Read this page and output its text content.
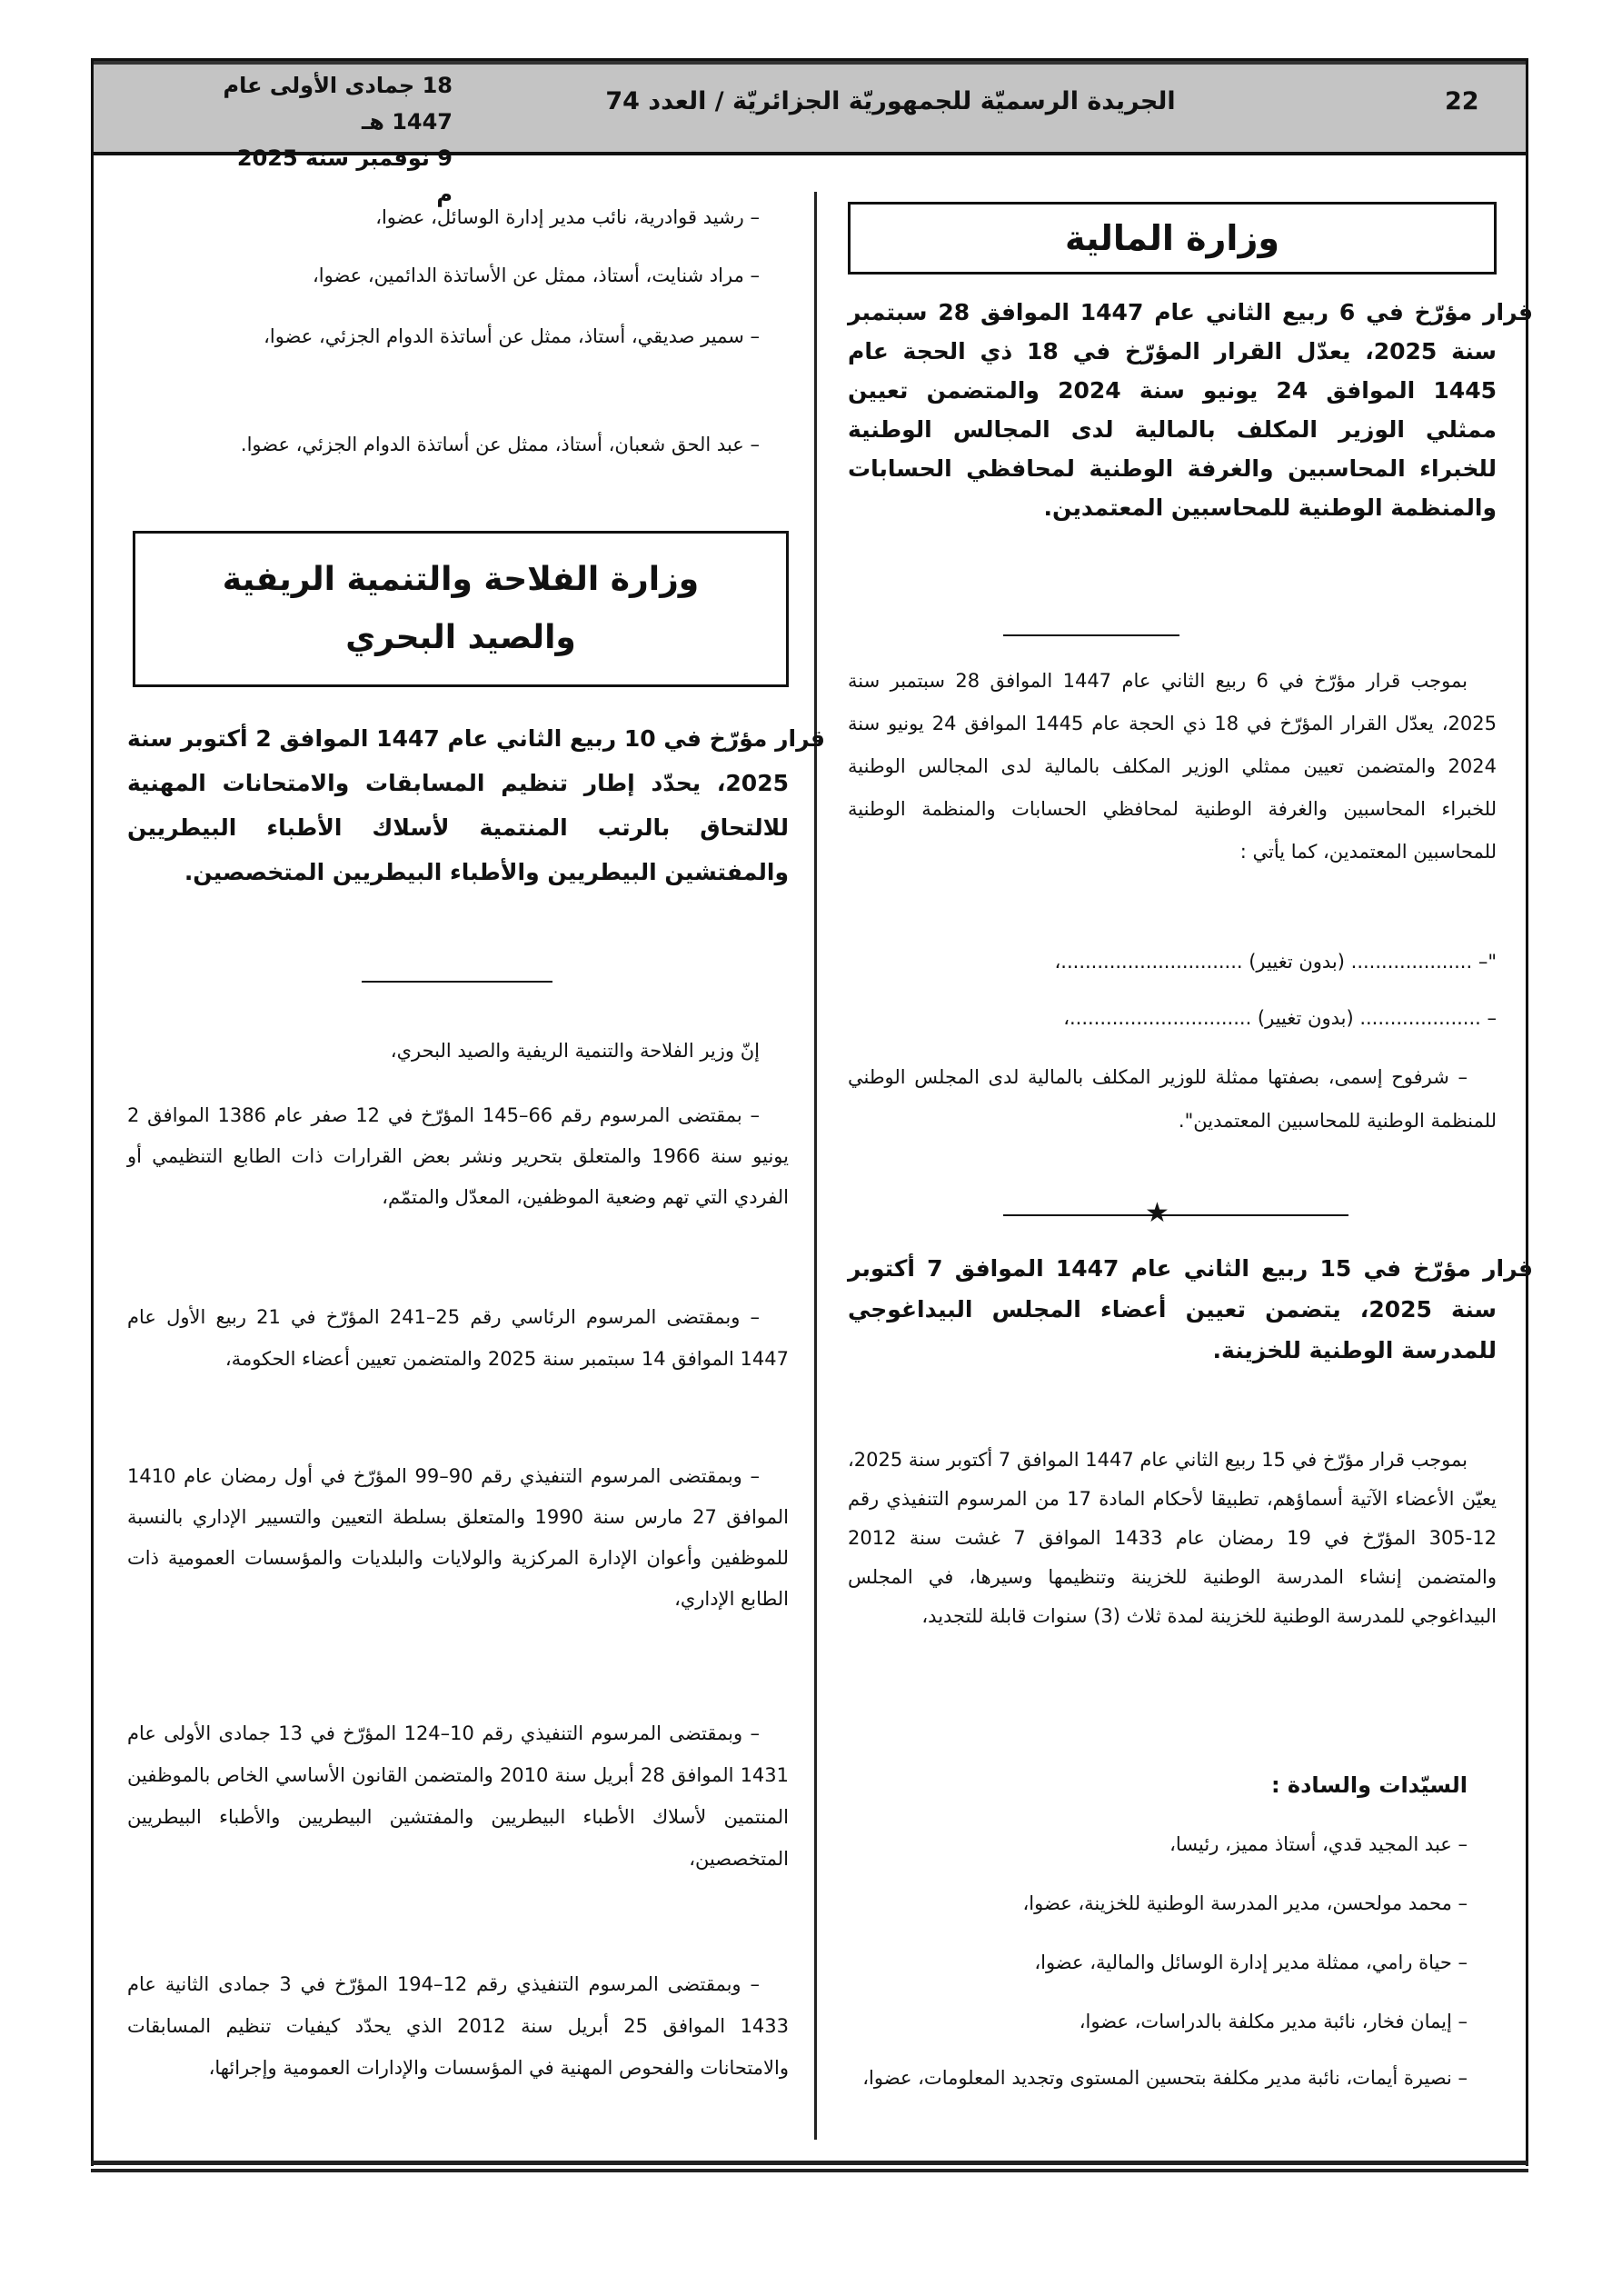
22
الجريدة الرسميّة للجمهوريّة الجزائريّة / العدد 74
18 جمادى الأولى عام 1447 هـ
9 نوفمبر سنة 2025 م
وزارة المالية
قرار مؤرّخ في 6 ربيع الثاني عام 1447 الموافق 28 سبتمبر سنة 2025، يعدّل القرار المؤرّخ في 18 ذي الحجة عام 1445 الموافق 24 يونيو سنة 2024 والمتضمن تعيين ممثلي الوزير المكلف بالمالية لدى المجالس الوطنية للخبراء المحاسبين والغرفة الوطنية لمحافظي الحسابات والمنظمة الوطنية للمحاسبين المعتمدين.
بموجب قرار مؤرّخ في 6 ربيع الثاني عام 1447 الموافق 28 سبتمبر سنة 2025، يعدّل القرار المؤرّخ في 18 ذي الحجة عام 1445 الموافق 24 يونيو سنة 2024 والمتضمن تعيين ممثلي الوزير المكلف بالمالية لدى المجالس الوطنية للخبراء المحاسبين والغرفة الوطنية لمحافظي الحسابات والمنظمة الوطنية للمحاسبين المعتمدين، كما يأتي :
"– .................... (بدون تغيير) ..............................،
– .................... (بدون تغيير) ..............................،
– شرفوح إسمى، بصفتها ممثلة للوزير المكلف بالمالية لدى المجلس الوطني للمنظمة الوطنية للمحاسبين المعتمدين".
★
قرار مؤرّخ في 15 ربيع الثاني عام 1447 الموافق 7 أكتوبر سنة 2025، يتضمن تعيين أعضاء المجلس البيداغوجي للمدرسة الوطنية للخزينة.
بموجب قرار مؤرّخ في 15 ربيع الثاني عام 1447 الموافق 7 أكتوبر سنة 2025، يعيّن الأعضاء الآتية أسماؤهم، تطبيقا لأحكام المادة 17 من المرسوم التنفيذي رقم 12-305 المؤرّخ في 19 رمضان عام 1433 الموافق 7 غشت سنة 2012 والمتضمن إنشاء المدرسة الوطنية للخزينة وتنظيمها وسيرها، في المجلس البيداغوجي للمدرسة الوطنية للخزينة لمدة ثلاث (3) سنوات قابلة للتجديد،
السيّدات والسادة :
– عبد المجيد قدي، أستاذ مميز، رئيسا،
– محمد مولحسن، مدير المدرسة الوطنية للخزينة، عضوا،
– حياة رامي، ممثلة مدير إدارة الوسائل والمالية، عضوا،
– إيمان فخار، نائبة مدير مكلفة بالدراسات، عضوا،
– نصيرة أيمات، نائبة مدير مكلفة بتحسين المستوى وتجديد المعلومات، عضوا،
– رشيد قوادرية، نائب مدير إدارة الوسائل، عضوا،
– مراد شنايت، أستاذ، ممثل عن الأساتذة الدائمين، عضوا،
– سمير صديقي، أستاذ، ممثل عن أساتذة الدوام الجزئي، عضوا،
– عبد الحق شعبان، أستاذ، ممثل عن أساتذة الدوام الجزئي، عضوا.
وزارة الفلاحة والتنمية الريفية
والصيد البحري
قرار مؤرّخ في 10 ربيع الثاني عام 1447 الموافق 2 أكتوبر سنة 2025، يحدّد إطار تنظيم المسابقات والامتحانات المهنية للالتحاق بالرتب المنتمية لأسلاك الأطباء البيطريين والمفتشين البيطريين والأطباء البيطريين المتخصصين.
إنّ وزير الفلاحة والتنمية الريفية والصيد البحري،
– بمقتضى المرسوم رقم 66–145 المؤرّخ في 12 صفر عام 1386 الموافق 2 يونيو سنة 1966 والمتعلق بتحرير ونشر بعض القرارات ذات الطابع التنظيمي أو الفردي التي تهم وضعية الموظفين، المعدّل والمتمّم،
– وبمقتضى المرسوم الرئاسي رقم 25–241 المؤرّخ في 21 ربيع الأول عام 1447 الموافق 14 سبتمبر سنة 2025 والمتضمن تعيين أعضاء الحكومة،
– وبمقتضى المرسوم التنفيذي رقم 90–99 المؤرّخ في أول رمضان عام 1410 الموافق 27 مارس سنة 1990 والمتعلق بسلطة التعيين والتسيير الإداري بالنسبة للموظفين وأعوان الإدارة المركزية والولايات والبلديات والمؤسسات العمومية ذات الطابع الإداري،
– وبمقتضى المرسوم التنفيذي رقم 10–124 المؤرّخ في 13 جمادى الأولى عام 1431 الموافق 28 أبريل سنة 2010 والمتضمن القانون الأساسي الخاص بالموظفين المنتمين لأسلاك الأطباء البيطريين والمفتشين البيطريين والأطباء البيطريين المتخصصين،
– وبمقتضى المرسوم التنفيذي رقم 12–194 المؤرّخ في 3 جمادى الثانية عام 1433 الموافق 25 أبريل سنة 2012 الذي يحدّد كيفيات تنظيم المسابقات والامتحانات والفحوص المهنية في المؤسسات والإدارات العمومية وإجرائها،
